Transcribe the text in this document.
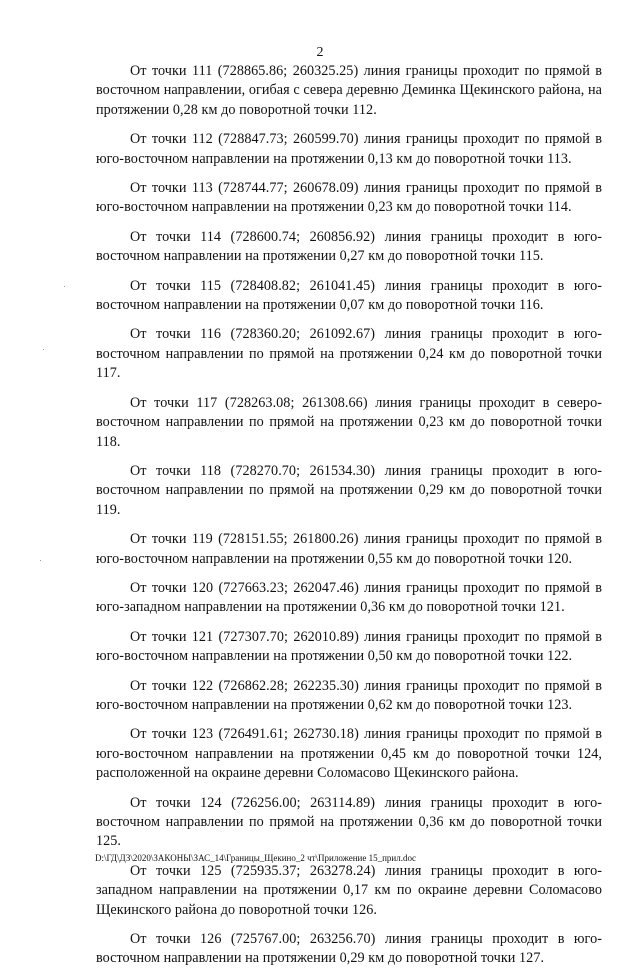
2

От точки 111 (728865.86; 260325.25) линия границы проходит по прямой в восточном направлении, огибая с севера деревню Деминка Щекинского района, на протяжении 0,28 км до поворотной точки 112.

От точки 112 (728847.73; 260599.70) линия границы проходит по прямой в юго-восточном направлении на протяжении 0,13 км до поворотной точки 113.

От точки 113 (728744.77; 260678.09) линия границы проходит по прямой в юго-восточном направлении на протяжении 0,23 км до поворотной точки 114.

От точки 114 (728600.74; 260856.92) линия границы проходит в юго-восточном направлении на протяжении 0,27 км до поворотной точки 115.

От точки 115 (728408.82; 261041.45) линия границы проходит в юго-восточном направлении на протяжении 0,07 км до поворотной точки 116.

От точки 116 (728360.20; 261092.67) линия границы проходит в юго-восточном направлении по прямой на протяжении 0,24 км до поворотной точки 117.

От точки 117 (728263.08; 261308.66) линия границы проходит в северо-восточном направлении по прямой на протяжении 0,23 км до поворотной точки 118.

От точки 118 (728270.70; 261534.30) линия границы проходит в юго-восточном направлении по прямой на протяжении 0,29 км до поворотной точки 119.

От точки 119 (728151.55; 261800.26) линия границы проходит по прямой в юго-восточном направлении на протяжении 0,55 км до поворотной точки 120.

От точки 120 (727663.23; 262047.46) линия границы проходит по прямой в юго-западном направлении на протяжении 0,36 км до поворотной точки 121.

От точки 121 (727307.70; 262010.89) линия границы проходит по прямой в юго-восточном направлении на протяжении 0,50 км до поворотной точки 122.

От точки 122 (726862.28; 262235.30) линия границы проходит по прямой в юго-восточном направлении на протяжении 0,62 км до поворотной точки 123.

От точки 123 (726491.61; 262730.18) линия границы проходит по прямой в юго-восточном направлении на протяжении 0,45 км до поворотной точки 124, расположенной на окраине деревни Соломасово Щекинского района.

От точки 124 (726256.00; 263114.89) линия границы проходит в юго-восточном направлении по прямой на протяжении 0,36 км до поворотной точки 125.

От точки 125 (725935.37; 263278.24) линия границы проходит в юго-западном направлении на протяжении 0,17 км по окраине деревни Соломасово Щекинского района до поворотной точки 126.

От точки 126 (725767.00; 263256.70) линия границы проходит в юго-восточном направлении на протяжении 0,29 км до поворотной точки 127.

D:\ГД\ДЗ\2020\ЗАКОНЫ\ЗАС_14\Границы_Щекино_2 чт\Приложение 15_прил.doc
